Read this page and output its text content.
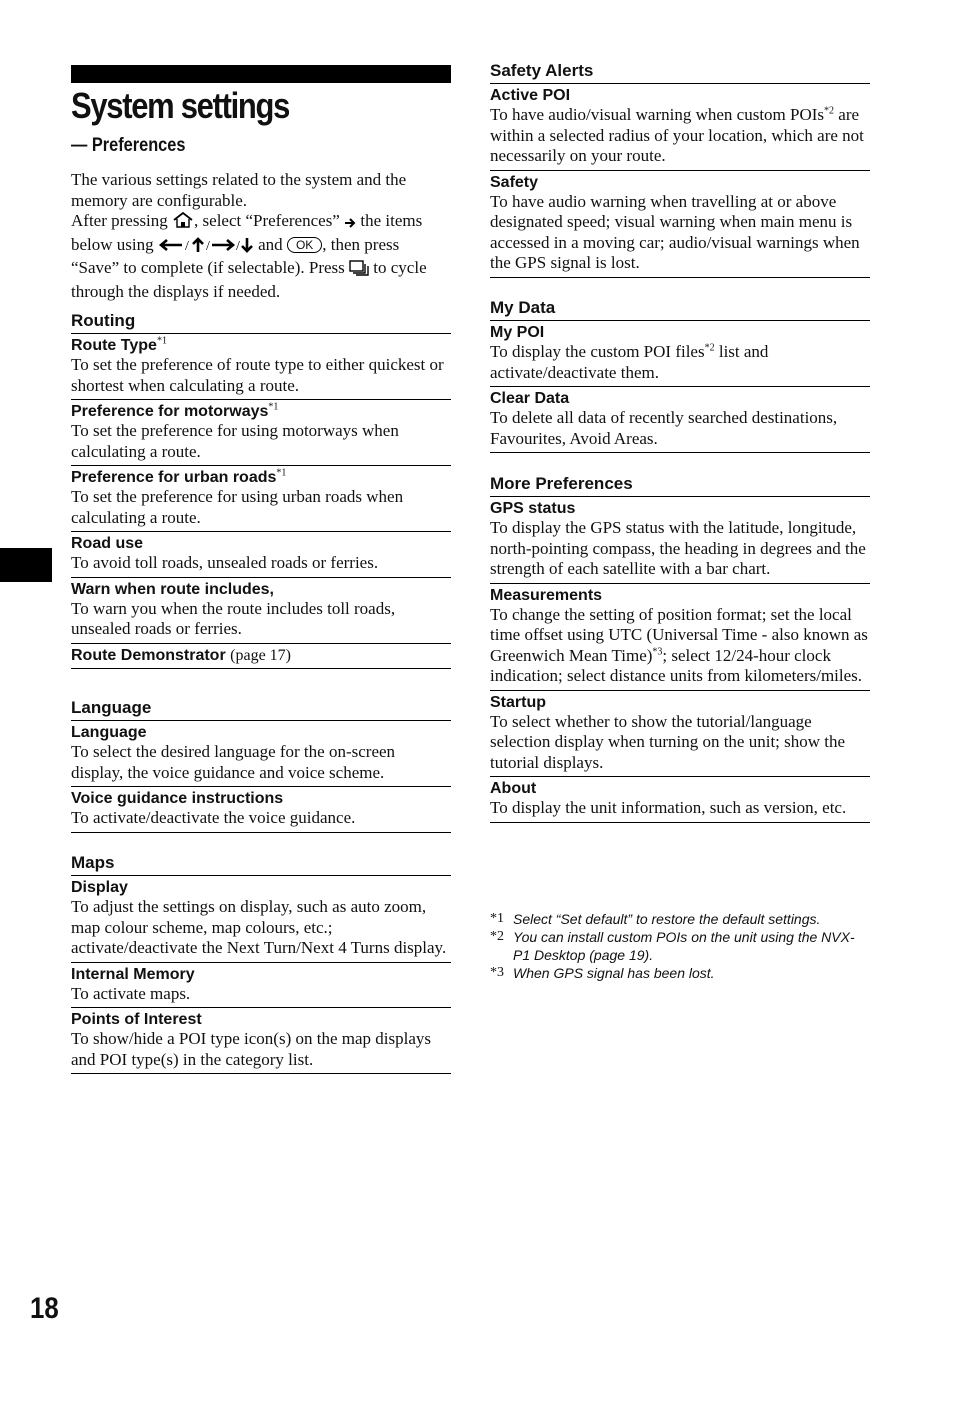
System settings
— Preferences

The various settings related to the system and the memory are configurable.

After pressing , select “Preferences”  the items below using / / / and OK , then press “Save” to complete (if selectable). Press to cycle through the displays if needed.

Routing
Route Type$^{*1}$
To set the preference of route type to either quickest or shortest when calculating a route.
Preference for motorways$^{*1}$
To set the preference for using motorways when calculating a route.
Preference for urban roads$^{*1}$
To set the preference for using urban roads when calculating a route.
Road use
To avoid toll roads, unsealed roads or ferries.
Warn when route includes,
To warn you when the route includes toll roads, unsealed roads or ferries.
Route Demonstrator (page 17)
Language
Language
To select the desired language for the on-screen display, the voice guidance and voice scheme.
Voice guidance instructions
To activate/deactivate the voice guidance.
Maps
Display
To adjust the settings on display, such as auto zoom, map colour scheme, map colours, etc.; activate/deactivate the Next Turn/Next 4 Turns display.
Internal Memory
To activate maps.
Points of Interest
To show/hide a POI type icon(s) on the map displays and POI type(s) in the category list.
Safety Alerts
Active POI
To have audio/visual warning when custom POIs$^{*2}$ are within a selected radius of your location, which are not necessarily on your route.
Safety
To have audio warning when travelling at or above designated speed; visual warning when main menu is accessed in a moving car; audio/visual warnings when the GPS signal is lost.
My Data
My POI
To display the custom POI files$^{*2}$ list and activate/deactivate them.
Clear Data
To delete all data of recently searched destinations, Favourites, Avoid Areas.
More Preferences
GPS status
To display the GPS status with the latitude, longitude, north-pointing compass, the heading in degrees and the strength of each satellite with a bar chart.
Measurements
To change the setting of position format; set the local time offset using UTC (Universal Time - also known as Greenwich Mean Time)$^{*3}$; select 12/24-hour clock indication; select distance units from kilometers/miles.
Startup
To select whether to show the tutorial/language selection display when turning on the unit; show the tutorial displays.
About
To display the unit information, such as version, etc.
*1 Select “Set default” to restore the default settings.
*2 You can install custom POIs on the unit using the NVX-P1 Desktop (page 19).
*3 When GPS signal has been lost.
18
